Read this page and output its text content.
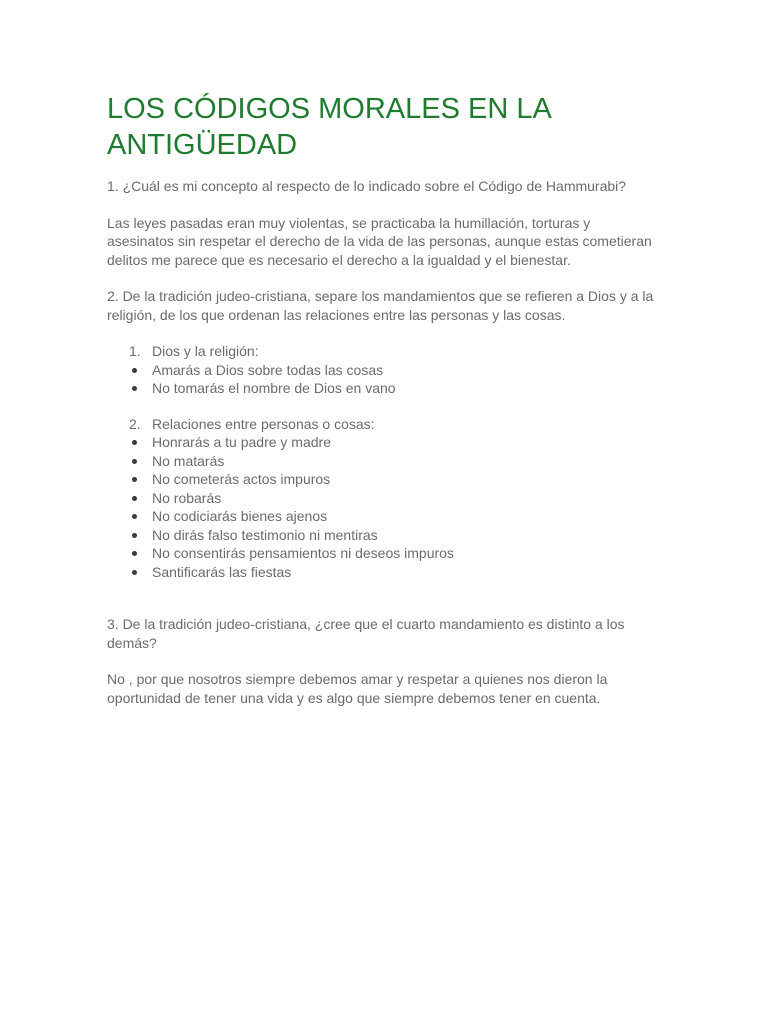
LOS CÓDIGOS MORALES EN LA ANTIGÜEDAD

1. ¿Cuál es mi concepto al respecto de lo indicado sobre el Código de Hammurabi?

Las leyes pasadas eran muy violentas, se practicaba la humillación, torturas y asesinatos sin respetar el derecho de la vida de las personas, aunque estas cometieran delitos me parece que es necesario el derecho a la igualdad y el bienestar.

2. De la tradición judeo-cristiana, separe los mandamientos que se refieren a Dios y a la religión, de los que ordenan las relaciones entre las personas y las cosas.

1. Dios y la religión:
Amarás a Dios sobre todas las cosas
No tomarás el nombre de Dios en vano
2. Relaciones entre personas o cosas:
Honrarás a tu padre y madre
No matarás
No cometerás actos impuros
No robarás
No codiciarás bienes ajenos
No dirás falso testimonio ni mentiras
No consentirás pensamientos ni deseos impuros
Santificarás las fiestas

3. De la tradición judeo-cristiana, ¿cree que el cuarto mandamiento es distinto a los demás?

No , por que nosotros siempre debemos amar y respetar a quienes nos dieron la oportunidad de tener una vida y es algo que siempre debemos tener en cuenta.
